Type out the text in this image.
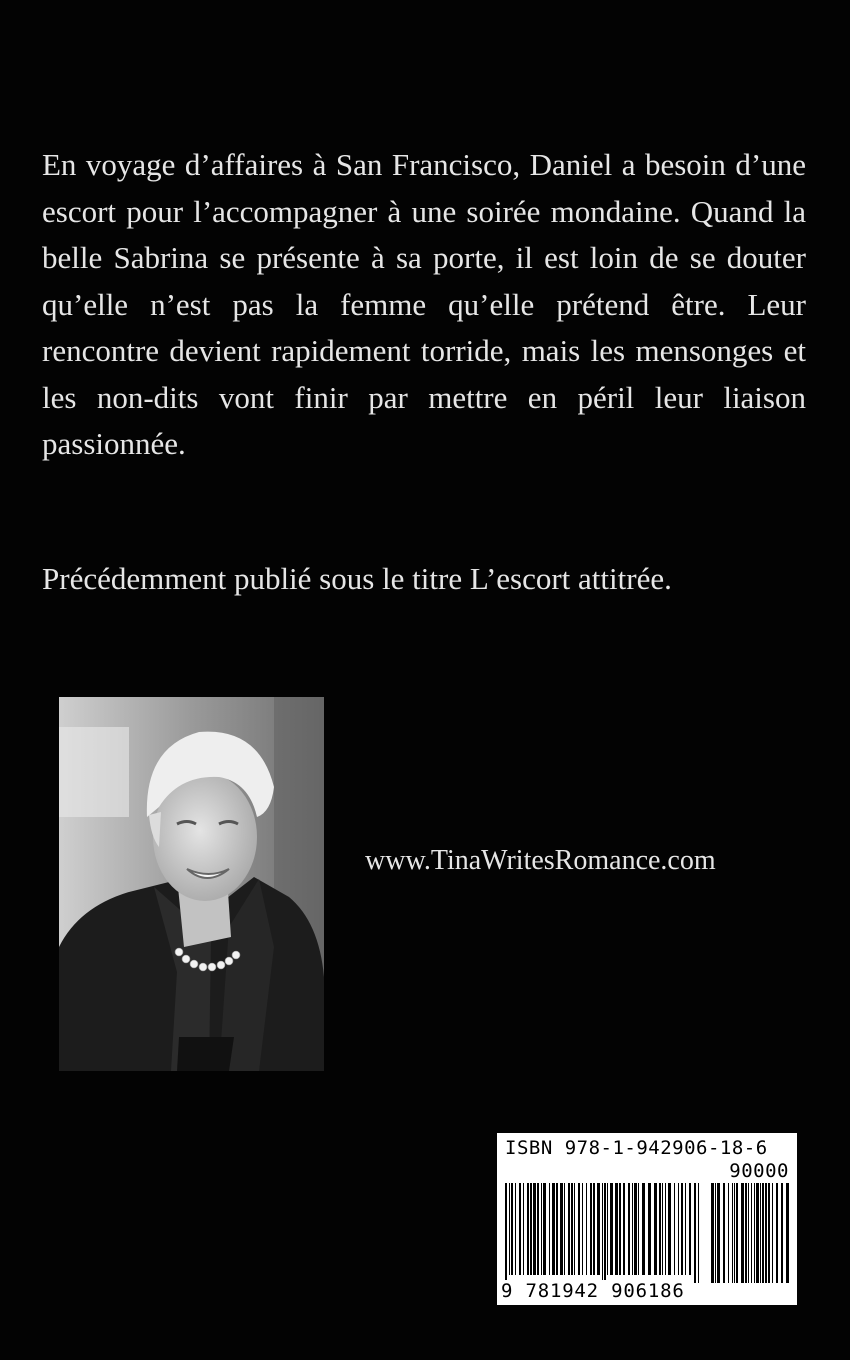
En voyage d’affaires à San Francisco, Daniel a besoin d’une escort pour l’accompagner à une soirée mondaine. Quand la belle Sabrina se présente à sa porte, il est loin de se douter qu’elle n’est pas la femme qu’elle prétend être. Leur rencontre devient rapidement torride, mais les mensonges et les non-dits vont finir par mettre en péril leur liaison passionnée.

Précédemment publié sous le titre L’escort attitrée.

www.TinaWritesRomance.com
ISBN 978-1-942906-18-6
90000
9 781942 906186
